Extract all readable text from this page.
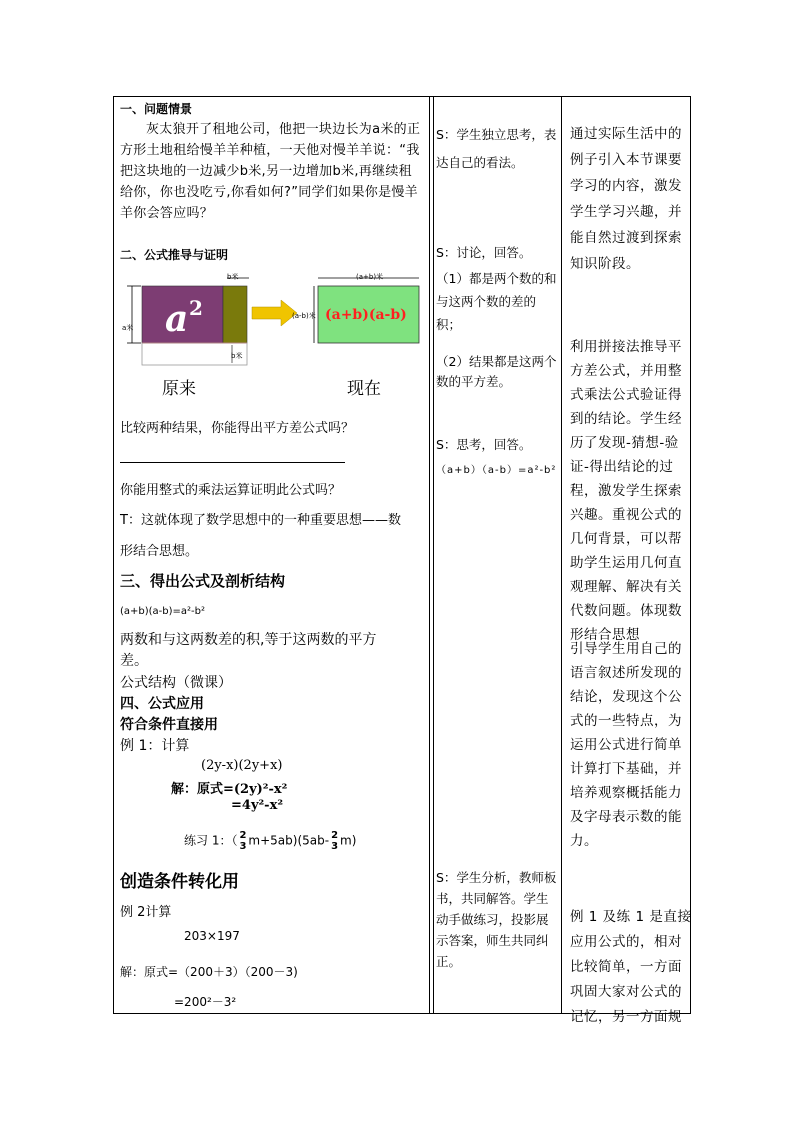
一、问题情景
灰太狼开了租地公司，他把一块边长为a米的正方形土地租给慢羊羊种植，一天他对慢羊羊说：“我把这块地的一边减少b米,另一边增加b米,再继续租给你，你也没吃亏,你看如何?”同学们如果你是慢羊羊你会答应吗？
二、公式推导与证明
a米
b米
a 2
b米
(a+b)米
(a-b)米 (a+b)(a-b)
原来	现在
比较两种结果，你能得出平方差公式吗？
你能用整式的乘法运算证明此公式吗？
T：这就体现了数学思想中的一种重要思想——数
形结合思想。
三、得出公式及剖析结构
(a+b)(a-b)=a²-b²
两数和与这两数差的积,等于这两数的平方
差。
公式结构（微课）
四、公式应用
符合条件直接用
例 1：计算
(2y-x)(2y+x)
解：原式=(2y)²-x²
=4y²-x²
练习 1：（ 2
3 m+5ab)(5ab- 2
3 m)
创造条件转化用
例 2计算
203×197
解：原式=（200＋3）（200－3)
=200²－3²
S：学生独立思考，表达自己的看法。
S：讨论，回答。
（1）都是两个数的和与这两个数的差的积；
（2）结果都是这两个数的平方差。
S：思考，回答。
（a+b）（a-b）=a²-b²
S：学生分析，教师板书，共同解答。学生动手做练习，投影展示答案，师生共同纠正。
通过实际生活中的例子引入本节课要学习的内容，激发学生学习兴趣，并能自然过渡到探索知识阶段。
利用拼接法推导平方差公式，并用整式乘法公式验证得到的结论。学生经历了发现-猜想-验证-得出结论的过程，激发学生探索兴趣。重视公式的几何背景，可以帮助学生运用几何直观理解、解决有关代数问题。体现数形结合思想
引导学生用自己的语言叙述所发现的结论，发现这个公式的一些特点，为运用公式进行简单计算打下基础，并培养观察概括能力及字母表示数的能力。
例 1 及练 1 是直接应用公式的，相对比较简单，一方面巩固大家对公式的记忆，另一方面规
